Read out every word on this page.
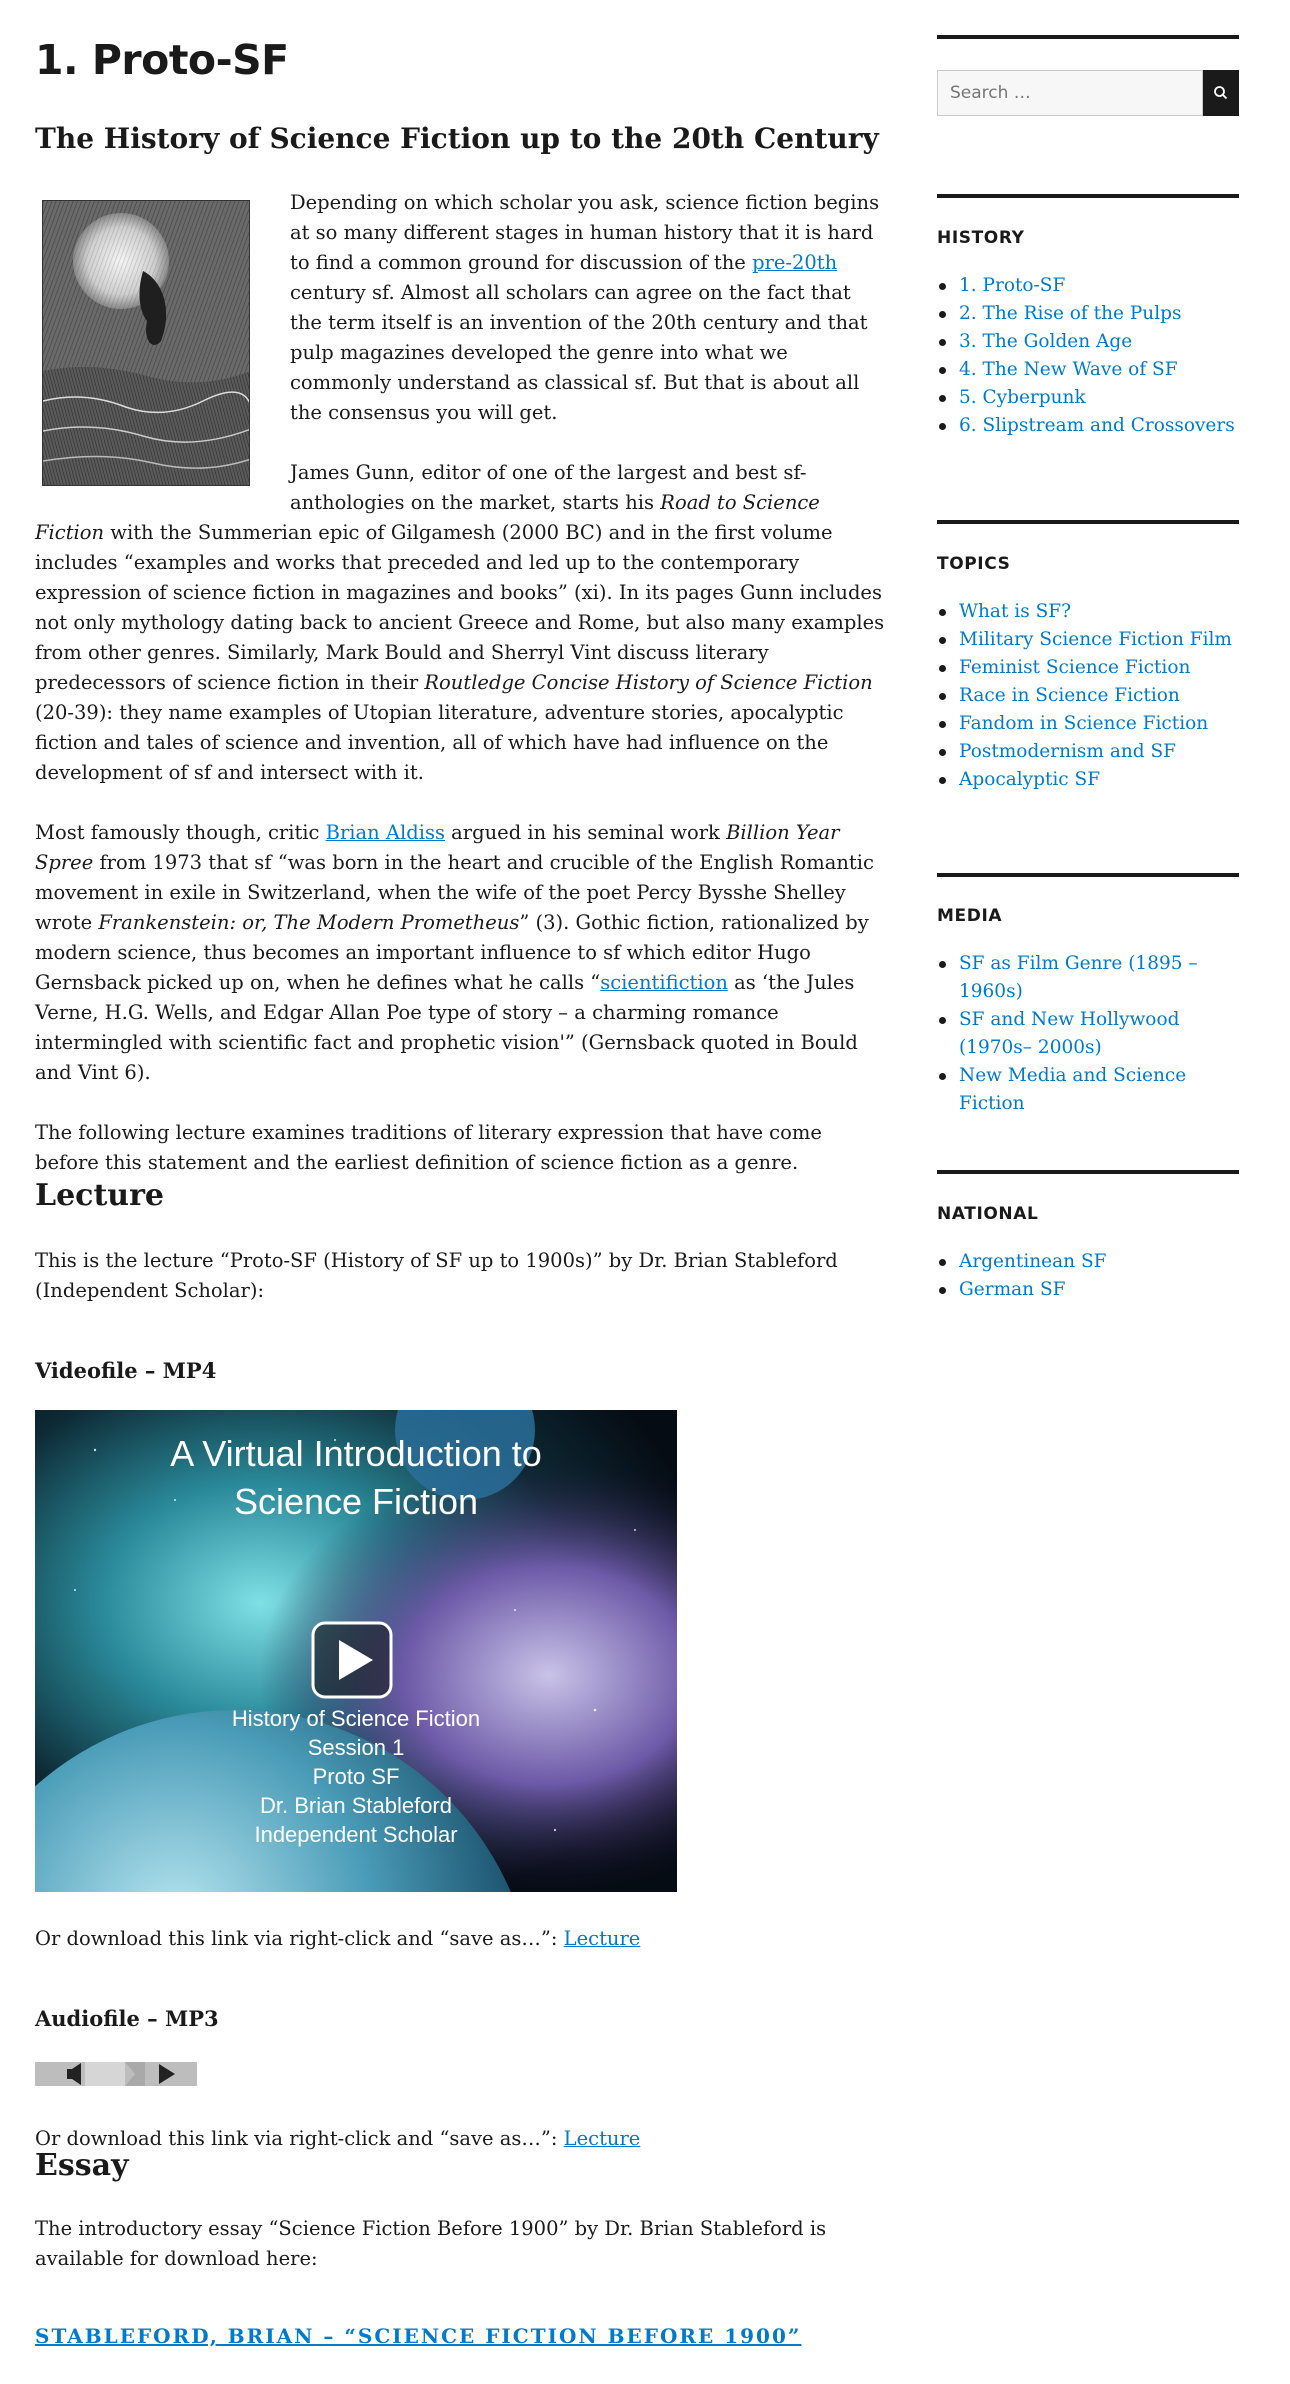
1. Proto-SF
The History of Science Fiction up to the 20th Century

Depending on which scholar you ask, science fiction begins at so many different stages in human history that it is hard to find a common ground for discussion of the pre-20th century sf. Almost all scholars can agree on the fact that the term itself is an invention of the 20th century and that pulp magazines developed the genre into what we commonly understand as classical sf. But that is about all the consensus you will get.

James Gunn, editor of one of the largest and best sf-anthologies on the market, starts his Road to Science Fiction with the Summerian epic of Gilgamesh (2000 BC) and in the first volume includes “examples and works that preceded and led up to the contemporary expression of science fiction in magazines and books” (xi). In its pages Gunn includes not only mythology dating back to ancient Greece and Rome, but also many examples from other genres. Similarly, Mark Bould and Sherryl Vint discuss literary predecessors of science fiction in their Routledge Concise History of Science Fiction (20-39): they name examples of Utopian literature, adventure stories, apocalyptic fiction and tales of science and invention, all of which have had influence on the development of sf and intersect with it.

Most famously though, critic Brian Aldiss argued in his seminal work Billion Year Spree from 1973 that sf “was born in the heart and crucible of the English Romantic movement in exile in Switzerland, when the wife of the poet Percy Bysshe Shelley wrote Frankenstein: or, The Modern Prometheus” (3). Gothic fiction, rationalized by modern science, thus becomes an important influence to sf which editor Hugo Gernsback picked up on, when he defines what he calls “scientifiction as ‘the Jules Verne, H.G. Wells, and Edgar Allan Poe type of story – a charming romance intermingled with scientific fact and prophetic vision'” (Gernsback quoted in Bould and Vint 6).

The following lecture examines traditions of literary expression that have come before this statement and the earliest definition of science fiction as a genre.

Lecture

This is the lecture “Proto-SF (History of SF up to 1900s)” by Dr. Brian Stableford (Independent Scholar):

Videofile – MP4
A Virtual Introduction to
Science Fiction
History of Science Fiction
Session 1
Proto SF
Dr. Brian Stableford
Independent Scholar

Or download this link via right-click and “save as…”: Lecture

Audiofile – MP3

Or download this link via right-click and “save as…”: Lecture

Essay

The introductory essay “Science Fiction Before 1900” by Dr. Brian Stableford is available for download here:

STABLEFORD, BRIAN – “SCIENCE FICTION BEFORE 1900”
Search …
HISTORY
1. Proto-SF
2. The Rise of the Pulps
3. The Golden Age
4. The New Wave of SF
5. Cyberpunk
6. Slipstream and Crossovers
TOPICS
What is SF?
Military Science Fiction Film
Feminist Science Fiction
Race in Science Fiction
Fandom in Science Fiction
Postmodernism and SF
Apocalyptic SF
MEDIA
SF as Film Genre (1895 – 1960s)
SF and New Hollywood (1970s– 2000s)
New Media and Science Fiction
NATIONAL
Argentinean SF
German SF
